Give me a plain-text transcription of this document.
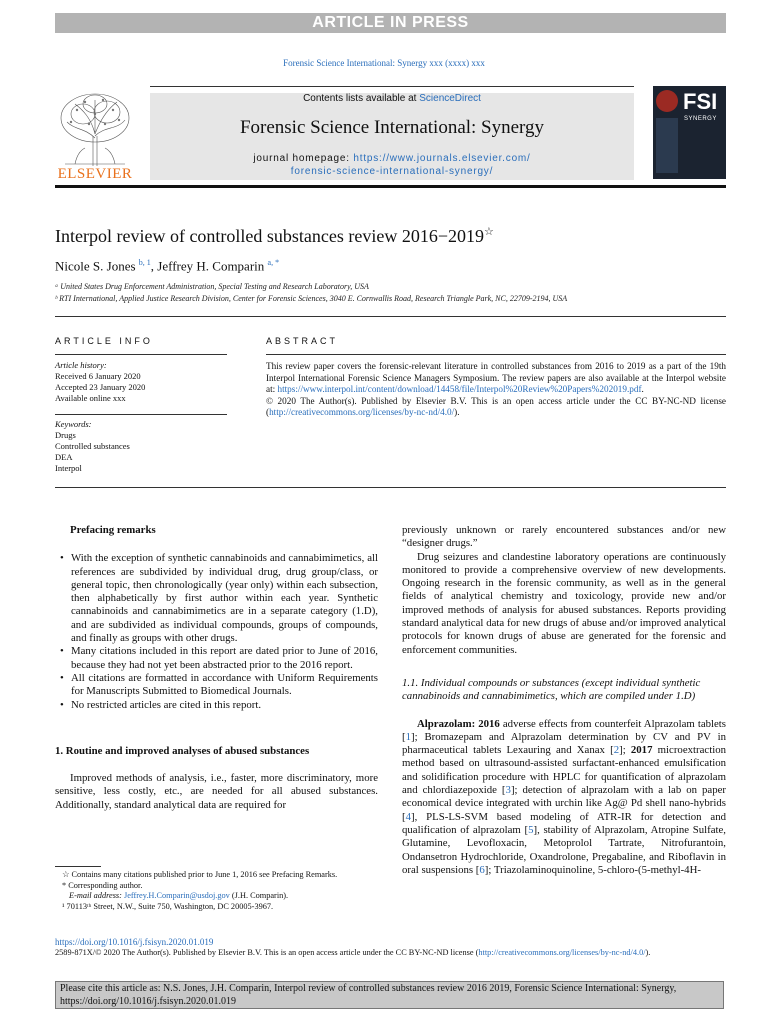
ARTICLE IN PRESS
Forensic Science International: Synergy xxx (xxxx) xxx
ELSEVIER
Contents lists available at ScienceDirect
Forensic Science International: Synergy
journal homepage: https://www.journals.elsevier.com/
forensic-science-international-synergy/
FSI
SYNERGY
Interpol review of controlled substances review 2016−2019☆
Nicole S. Jones $^{b, 1}$, Jeffrey H. Comparin $^{a, *}$
ᵃ United States Drug Enforcement Administration, Special Testing and Research Laboratory, USA
ᵇ RTI International, Applied Justice Research Division, Center for Forensic Sciences, 3040 E. Cornwallis Road, Research Triangle Park, NC, 22709-2194, USA
ARTICLE INFO
Article history:
Received 6 January 2020
Accepted 23 January 2020
Available online xxx
Keywords:
Drugs
Controlled substances
DEA
Interpol
ABSTRACT
This review paper covers the forensic-relevant literature in controlled substances from 2016 to 2019 as a part of the 19th Interpol International Forensic Science Managers Symposium. The review papers are also available at the Interpol website at: https://www.interpol.int/content/download/14458/file/Interpol%20Review%20Papers%202019.pdf.
© 2020 The Author(s). Published by Elsevier B.V. This is an open access article under the CC BY-NC-ND license (http://creativecommons.org/licenses/by-nc-nd/4.0/).

Prefacing remarks

• With the exception of synthetic cannabinoids and cannabimimetics, all references are subdivided by individual drug, drug group/class, or general topic, then chronologically (year only) within each subsection, then alphabetically by first author within each year. Synthetic cannabinoids and cannabimimetics are in a separate category (1.D), and are subdivided as individual compounds, groups of compounds, and finally as groups with other drugs.

• Many citations included in this report are dated prior to June of 2016, because they had not yet been abstracted prior to the 2016 report.

• All citations are formatted in accordance with Uniform Requirements for Manuscripts Submitted to Biomedical Journals.

• No restricted articles are cited in this report.

1. Routine and improved analyses of abused substances

Improved methods of analysis, i.e., faster, more discriminatory, more sensitive, less costly, etc., are needed for all abused substances. Additionally, standard analytical data are required for

☆ Contains many citations published prior to June 1, 2016 see Prefacing Remarks.
* Corresponding author.
E-mail address: Jeffrey.H.Comparin@usdoj.gov (J.H. Comparin).
¹ 70113ᵗʰ Street, N.W., Suite 750, Washington, DC 20005-3967.

previously unknown or rarely encountered substances and/or new “designer drugs.”

Drug seizures and clandestine laboratory operations are continuously monitored to provide a comprehensive overview of new developments. Ongoing research in the forensic community, as well as in the general fields of analytical chemistry and toxicology, provide new and/or improved methods of analysis for abused substances. Reports providing standard analytical data for new drugs of abuse and/or improved analytical protocols for known drugs of abuse are generated for the forensic and enforcement communities.

1.1. Individual compounds or substances (except individual synthetic cannabinoids and cannabimimetics, which are compiled under 1.D)

Alprazolam: 2016 adverse effects from counterfeit Alprazolam tablets [1]; Bromazepam and Alprazolam determination by CV and PV in pharmaceutical tablets Lexauring and Xanax [2]; 2017 microextraction method based on ultrasound-assisted surfactant-enhanced emulsification and solidification procedure with HPLC for quantification of alprazolam and chlordiazepoxide [3]; detection of alprazolam with a lab on paper economical device integrated with urchin like Ag@ Pd shell nano-hybrids [4], PLS-LS-SVM based modeling of ATR-IR for detection and qualification of alprazolam [5], stability of Alprazolam, Atropine Sulfate, Glutamine, Levofloxacin, Metoprolol Tartrate, Nitrofurantoin, Ondansetron Hydrochloride, Oxandrolone, Pregabaline, and Riboflavin in oral suspensions [6]; Triazolaminoquinoline, 5-chloro-(5-methyl-4H-

https://doi.org/10.1016/j.fsisyn.2020.01.019
2589-871X/© 2020 The Author(s). Published by Elsevier B.V. This is an open access article under the CC BY-NC-ND license (http://creativecommons.org/licenses/by-nc-nd/4.0/).
Please cite this article as: N.S. Jones, J.H. Comparin, Interpol review of controlled substances review 2016 2019, Forensic Science International: Synergy, https://doi.org/10.1016/j.fsisyn.2020.01.019
